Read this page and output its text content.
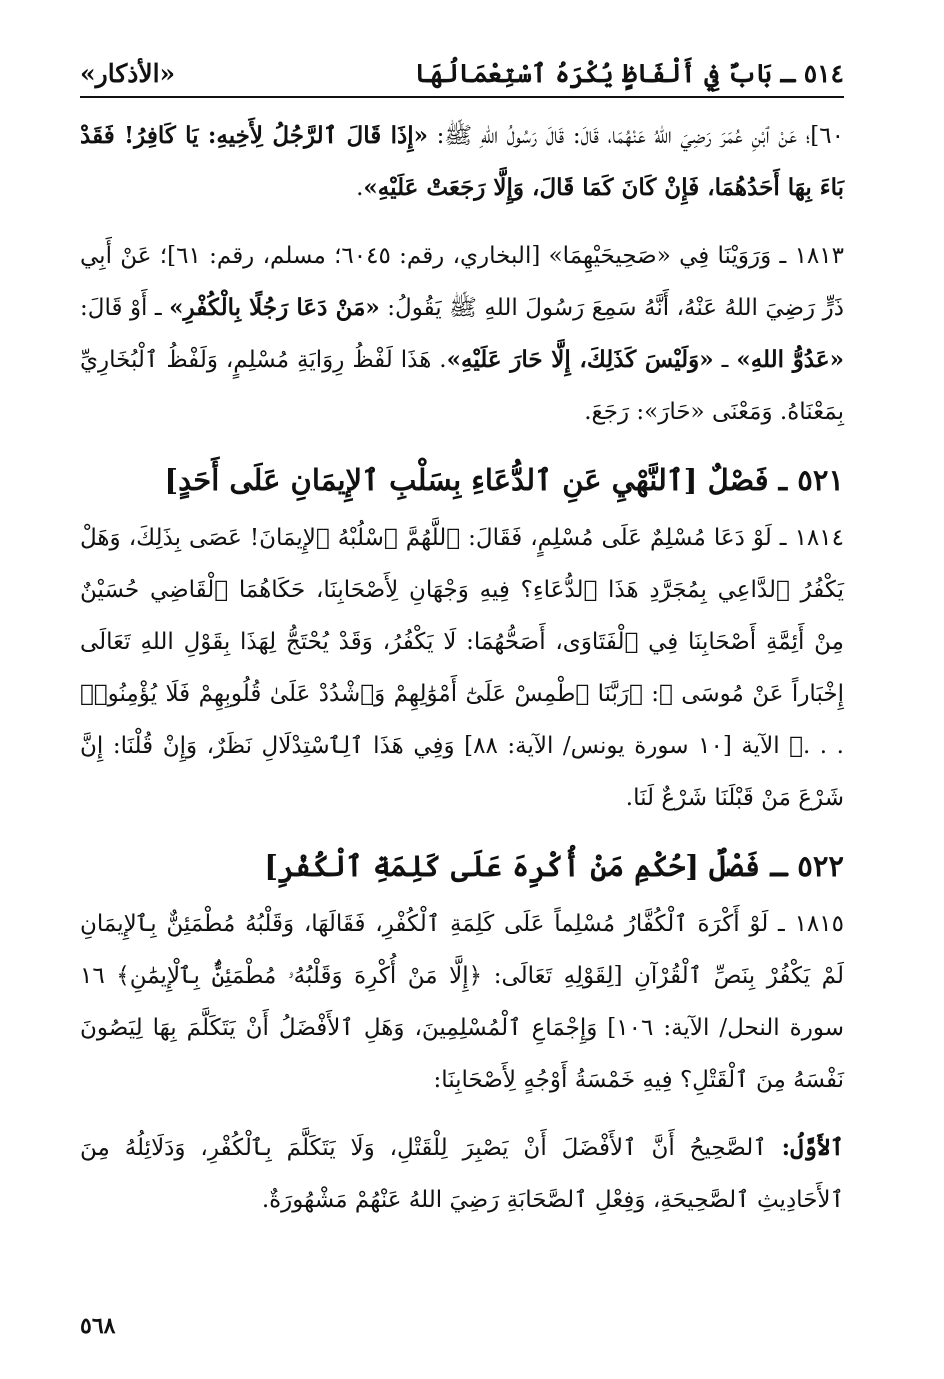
٥١٤ ـ بَابٌ فِي أَلْفَاظٍ يُكْرَهُ ٱسْتِعْمَالُهَا
«الأذكار»

٦٠]؛ عَنْ ٱبْنِ عُمَرَ رَضِيَ اللهُ عَنْهُمَا، قَالَ: قَالَ رَسُولُ اللهِ ﷺ: «إِذَا قَالَ ٱلرَّجُلُ لِأَخِيهِ: يَا كَافِرُ! فَقَدْ بَاءَ بِهَا أَحَدُهُمَا، فَإِنْ كَانَ كَمَا قَالَ، وَإِلَّا رَجَعَتْ عَلَيْهِ».

١٨١٣ ـ وَرَوَيْنَا فِي «صَحِيحَيْهِمَا» [البخاري، رقم: ٦٠٤٥؛ مسلم، رقم: ٦١]؛ عَنْ أَبِي ذَرٍّ رَضِيَ اللهُ عَنْهُ، أَنَّهُ سَمِعَ رَسُولَ اللهِ ﷺ يَقُولُ: «مَنْ دَعَا رَجُلًا بِالْكُفْرِ» ـ أَوْ قَالَ: «عَدُوُّ اللهِ» ـ «وَلَيْسَ كَذَلِكَ، إِلَّا حَارَ عَلَيْهِ». هَذَا لَفْظُ رِوَايَةِ مُسْلِمٍ، وَلَفْظُ ٱلْبُخَارِيِّ بِمَعْنَاهُ. وَمَعْنَى «حَارَ»: رَجَعَ.

٥٢١ ـ فَصْلٌ [ٱلنَّهْيِ عَنِ ٱلدُّعَاءِ بِسَلْبِ ٱلإِيمَانِ عَلَى أَحَدٍ]

١٨١٤ ـ لَوْ دَعَا مُسْلِمٌ عَلَى مُسْلِمٍ، فَقَالَ: ٱللَّهُمَّ ٱسْلُبْهُ ٱلإِيمَانَ! عَصَى بِذَلِكَ، وَهَلْ يَكْفُرُ ٱلدَّاعِي بِمُجَرَّدِ هَذَا ٱلدُّعَاءِ؟ فِيهِ وَجْهَانِ لِأَصْحَابِنَا، حَكَاهُمَا ٱلْقَاضِي حُسَيْنٌ مِنْ أَئِمَّةِ أَصْحَابِنَا فِي ٱلْفَتَاوَى، أَصَحُّهُمَا: لَا يَكْفُرُ، وَقَدْ يُحْتَجُّ لِهَذَا بِقَوْلِ اللهِ تَعَالَى إِخْبَاراً عَنْ مُوسَى ﷺ: ﴿رَبَّنَا ٱطْمِسْ عَلَىٰٓ أَمْوَٰلِهِمْ وَٱشْدُدْ عَلَىٰ قُلُوبِهِمْ فَلَا يُؤْمِنُوا۟ . . .﴾ الآية [١٠ سورة يونس/ الآية: ٨٨] وَفِي هَذَا ٱلِٱسْتِدْلَالِ نَظَرٌ، وَإِنْ قُلْنَا: إِنَّ شَرْعَ مَنْ قَبْلَنَا شَرْعٌ لَنَا.

٥٢٢ ـ فَصْلٌ [حُكْمِ مَنْ أُكْرِهَ عَلَى كَلِمَةِ ٱلْكُفْرِ]

١٨١٥ ـ لَوْ أَكْرَهَ ٱلْكُفَّارُ مُسْلِماً عَلَى كَلِمَةِ ٱلْكُفْرِ، فَقَالَهَا، وَقَلْبُهُ مُطْمَئِنٌّ بِٱلإِيمَانِ لَمْ يَكْفُرْ بِنَصِّ ٱلْقُرْآنِ [لِقَوْلِهِ تَعَالَى: ﴿إِلَّا مَنْ أُكْرِهَ وَقَلْبُهُۥ مُطْمَئِنٌّۢ بِٱلْإِيمَٰنِ﴾ ١٦ سورة النحل/ الآية: ١٠٦] وَإِجْمَاعِ ٱلْمُسْلِمِينَ، وَهَلِ ٱلأَفْضَلُ أَنْ يَتَكَلَّمَ بِهَا لِيَصُونَ نَفْسَهُ مِنَ ٱلْقَتْلِ؟ فِيهِ خَمْسَةُ أَوْجُهٍ لِأَصْحَابِنَا:

ٱلأَوَّلُ: ٱلصَّحِيحُ أَنَّ ٱلأَفْضَلَ أَنْ يَصْبِرَ لِلْقَتْلِ، وَلَا يَتَكَلَّمَ بِٱلْكُفْرِ، وَدَلَائِلُهُ مِنَ ٱلأَحَادِيثِ ٱلصَّحِيحَةِ، وَفِعْلِ ٱلصَّحَابَةِ رَضِيَ اللهُ عَنْهُمْ مَشْهُورَةٌ.

٥٦٨
